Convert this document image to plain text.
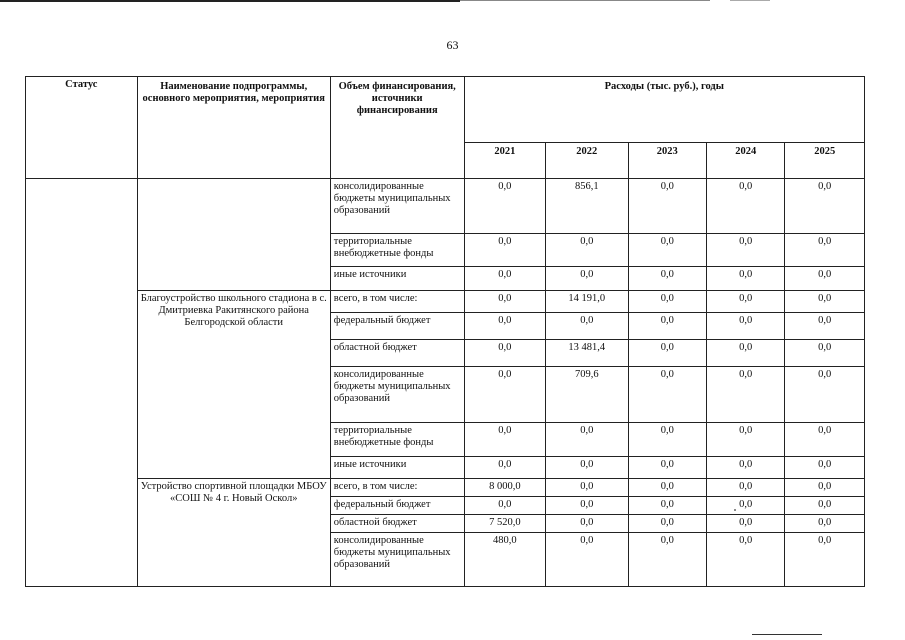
63
Статус	Наименование подпрограммы, основного мероприятия, мероприятия	Объем финансирования, источники финансирования	Расходы (тыс. руб.), годы				
			2021	2022	2023	2024	2025
		консолидированные бюджеты муниципальных образований	0,0	856,1	0,0	0,0	0,0
		территориальные внебюджетные фонды	0,0	0,0	0,0	0,0	0,0
		иные источники	0,0	0,0	0,0	0,0	0,0
	Благоустройство школьного стадиона в с. Дмитриевка Ракитянского района Белгородской области	всего, в том числе:	0,0	14 191,0	0,0	0,0	0,0
		федеральный бюджет	0,0	0,0	0,0	0,0	0,0
		областной бюджет	0,0	13 481,4	0,0	0,0	0,0
		консолидированные бюджеты муниципальных образований	0,0	709,6	0,0	0,0	0,0
		территориальные внебюджетные фонды	0,0	0,0	0,0	0,0	0,0
		иные источники	0,0	0,0	0,0	0,0	0,0
	Устройство спортивной площадки МБОУ «СОШ № 4 г. Новый Оскол»	всего, в том числе:	8 000,0	0,0	0,0	0,0	0,0
		федеральный бюджет	0,0	0,0	0,0	0,0	0,0
		областной бюджет	7 520,0	0,0	0,0	0,0	0,0
		консолидированные бюджеты муниципальных образований	480,0	0,0	0,0	0,0	0,0
